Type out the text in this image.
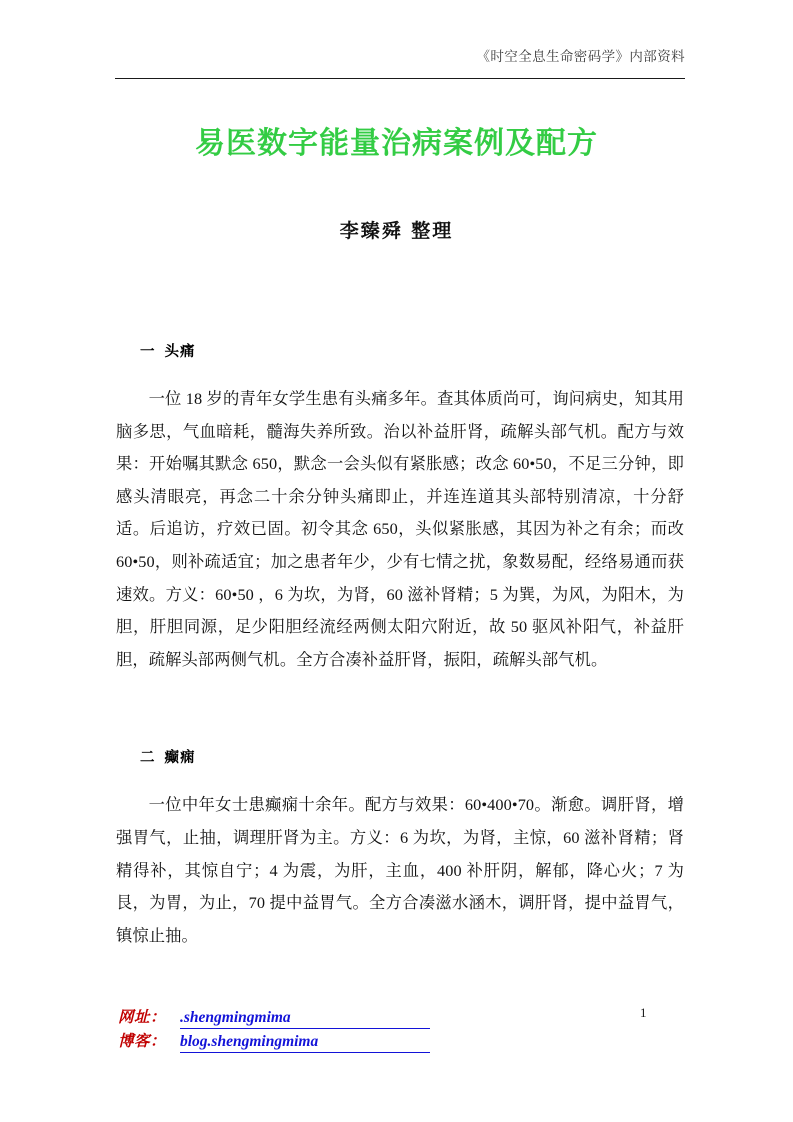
《时空全息生命密码学》内部资料
易医数字能量治病案例及配方
李臻舜 整理
一 头痛

一位 18 岁的青年女学生患有头痛多年。查其体质尚可，询问病史，知其用脑多思，气血暗耗，髓海失养所致。治以补益肝肾，疏解头部气机。配方与效果：开始嘱其默念 650，默念一会头似有紧胀感；改念 60•50，不足三分钟，即感头清眼亮，再念二十余分钟头痛即止，并连连道其头部特别清凉，十分舒适。后追访，疗效已固。初令其念 650，头似紧胀感，其因为补之有余；而改 60•50，则补疏适宜；加之患者年少，少有七情之扰，象数易配，经络易通而获速效。方义：60•50 ，6 为坎，为肾，60 滋补肾精；5 为巽，为风，为阳木，为胆，肝胆同源，足少阳胆经流经两侧太阳穴附近，故 50 驱风补阳气，补益肝胆，疏解头部两侧气机。全方合凑补益肝肾，振阳，疏解头部气机。

二 癫痫

一位中年女士患癫痫十余年。配方与效果：60•400•70。渐愈。调肝肾，增强胃气，止抽，调理肝肾为主。方义：6 为坎，为肾，主惊，60 滋补肾精；肾精得补，其惊自宁；4 为震，为肝，主血，400 补肝阴，解郁，降心火；7 为艮，为胃，为止，70 提中益胃气。全方合凑滋水涵木，调肝肾，提中益胃气，镇惊止抽。

网址： .shengmingmima
博客： blog.shengmingmima
1
